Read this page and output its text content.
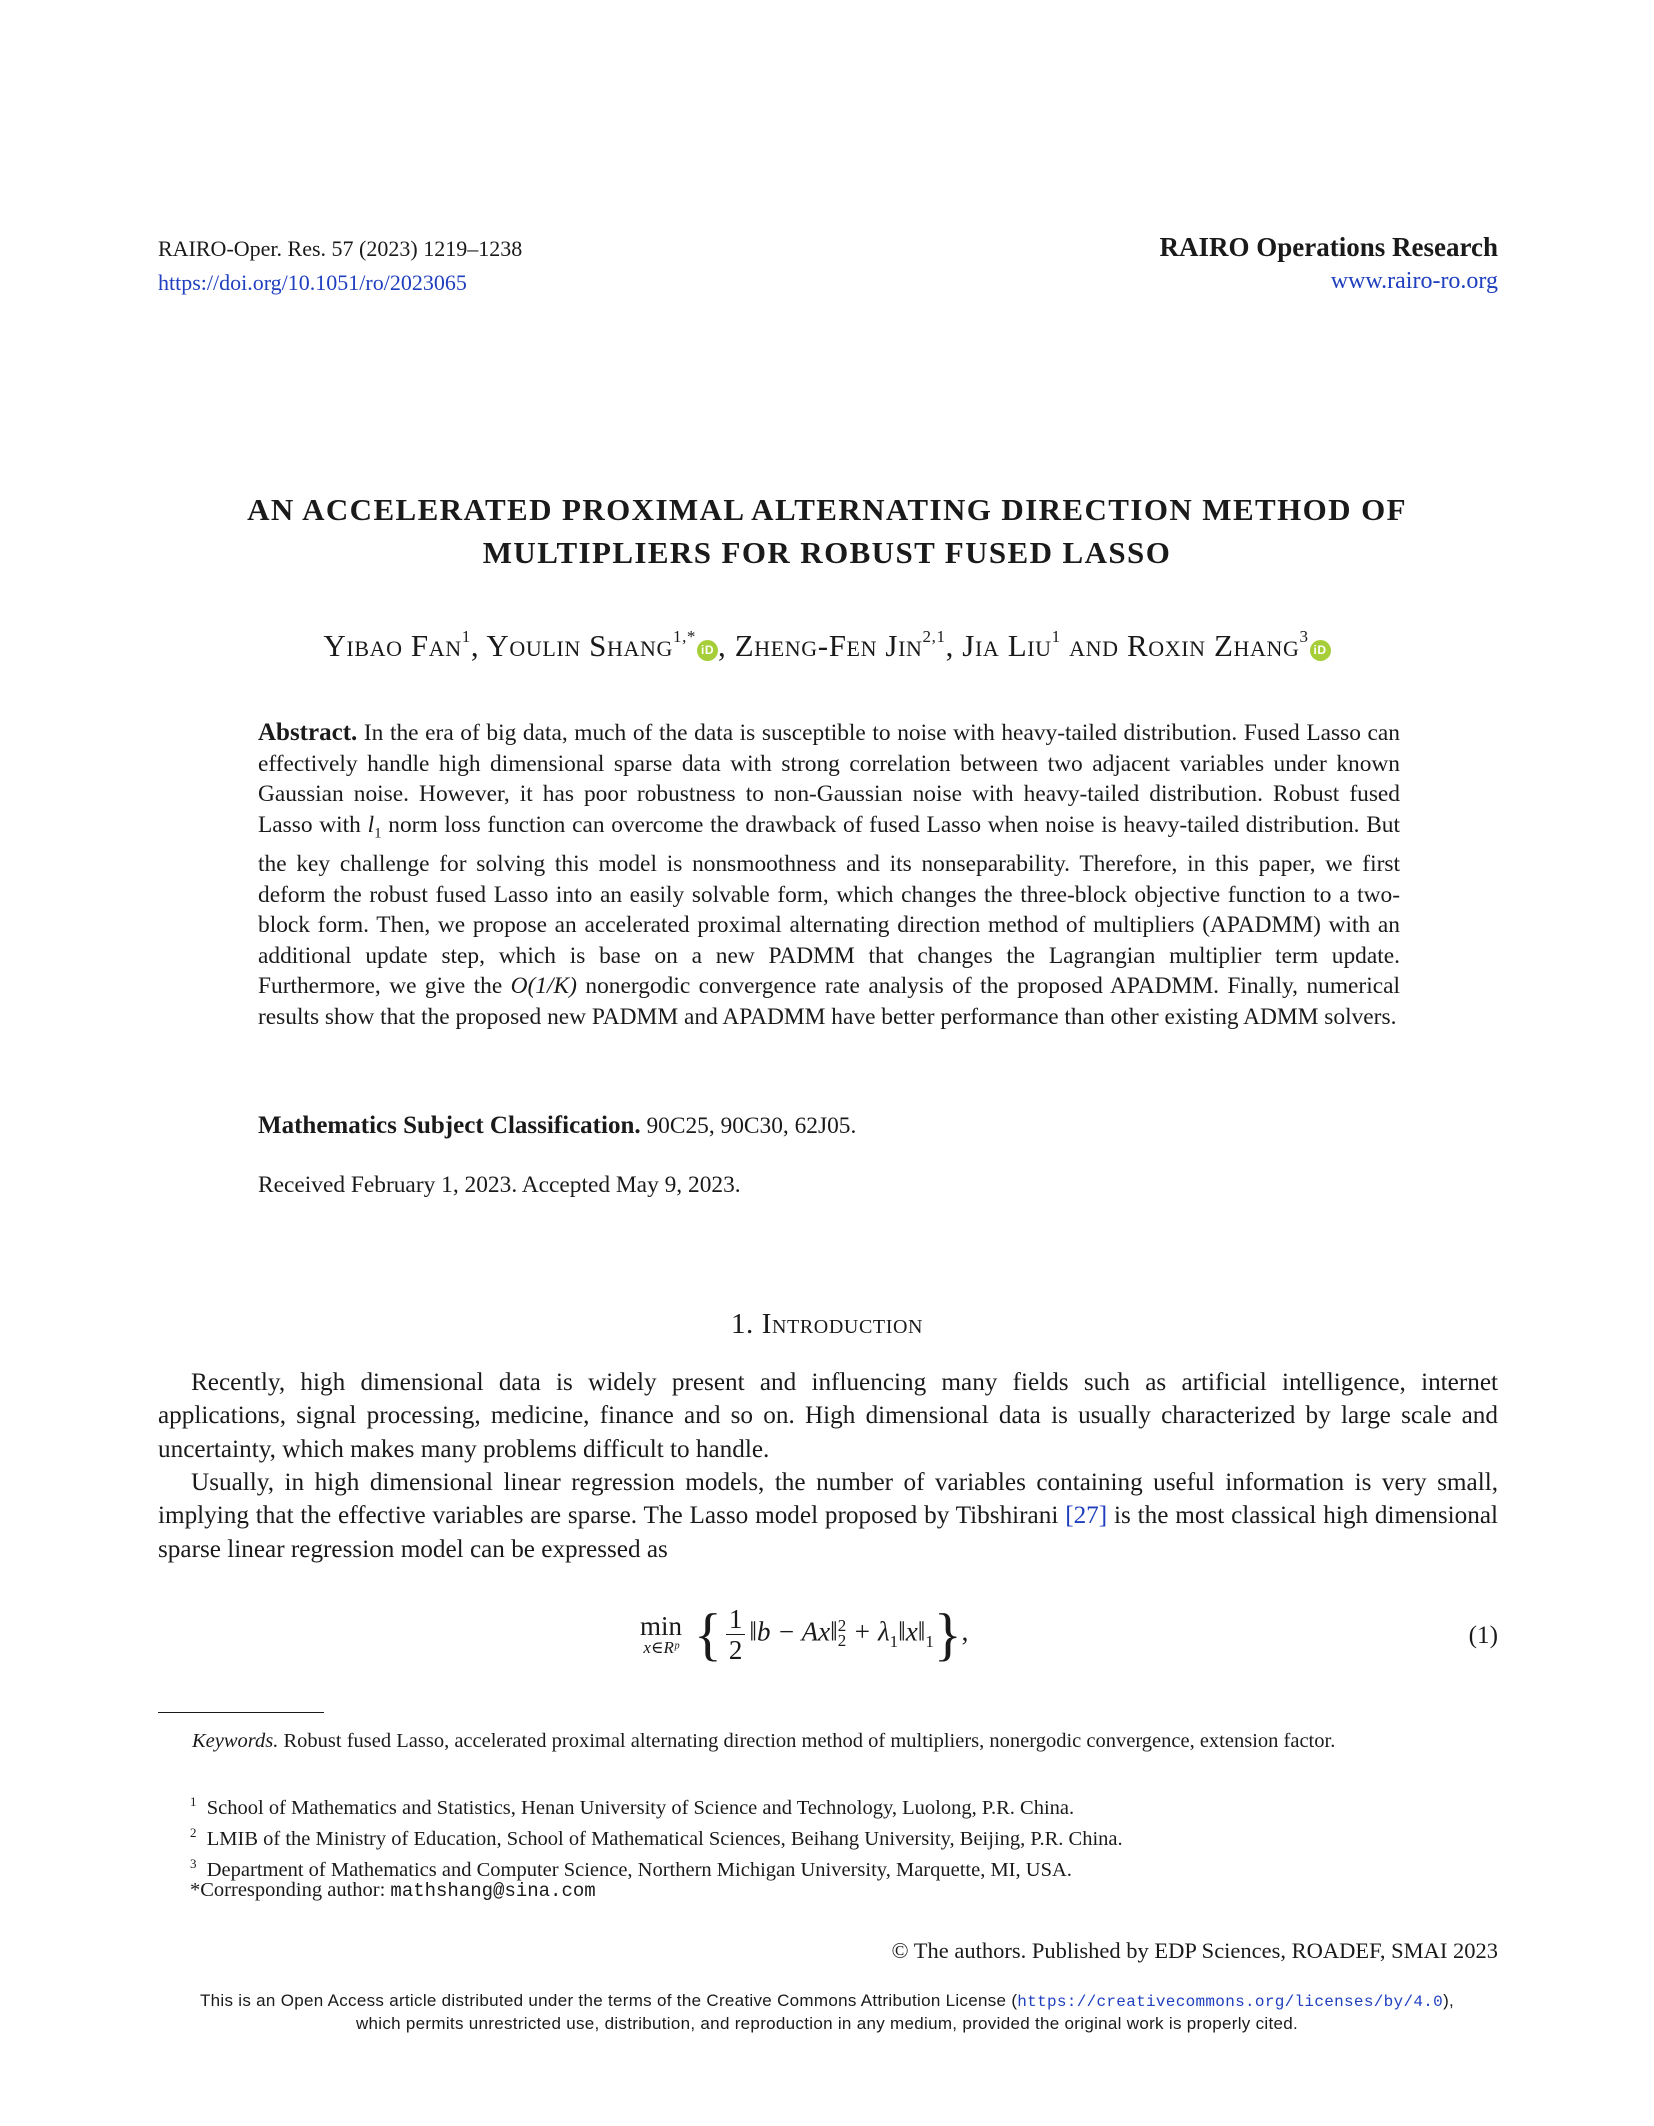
RAIRO-Oper. Res. 57 (2023) 1219–1238
https://doi.org/10.1051/ro/2023065
RAIRO Operations Research
www.rairo-ro.org
AN ACCELERATED PROXIMAL ALTERNATING DIRECTION METHOD OF
MULTIPLIERS FOR ROBUST FUSED LASSO
Yibao Fan$^1$, Youlin Shang$^{1,*}$iD , Zheng-Fen Jin$^{2,1}$, Jia Liu$^1$ and Roxin Zhang$^3$iD
Abstract. In the era of big data, much of the data is susceptible to noise with heavy-tailed distribution. Fused Lasso can effectively handle high dimensional sparse data with strong correlation between two adjacent variables under known Gaussian noise. However, it has poor robustness to non-Gaussian noise with heavy-tailed distribution. Robust fused Lasso with $l_1$ norm loss function can overcome the drawback of fused Lasso when noise is heavy-tailed distribution. But the key challenge for solving this model is nonsmoothness and its nonseparability. Therefore, in this paper, we first deform the robust fused Lasso into an easily solvable form, which changes the three-block objective function to a two-block form. Then, we propose an accelerated proximal alternating direction method of multipliers (APADMM) with an additional update step, which is base on a new PADMM that changes the Lagrangian multiplier term update. Furthermore, we give the O(1/K) nonergodic convergence rate analysis of the proposed APADMM. Finally, numerical results show that the proposed new PADMM and APADMM have better performance than other existing ADMM solvers.
Mathematics Subject Classification. 90C25, 90C30, 62J05.
Received February 1, 2023. Accepted May 9, 2023.
1. Introduction
Recently, high dimensional data is widely present and influencing many fields such as artificial intelligence, internet applications, signal processing, medicine, finance and so on. High dimensional data is usually characterized by large scale and uncertainty, which makes many problems difficult to handle.
Usually, in high dimensional linear regression models, the number of variables containing useful information is very small, implying that the effective variables are sparse. The Lasso model proposed by Tibshirani [27] is the most classical high dimensional sparse linear regression model can be expressed as
min
x∈Rᵖ { $\frac{1}{2}$ ‖b − Ax‖ 2
$2 + \lambda_1‖x‖_1$},	(1)
Keywords. Robust fused Lasso, accelerated proximal alternating direction method of multipliers, nonergodic convergence, extension factor.
$^1$ School of Mathematics and Statistics, Henan University of Science and Technology, Luolong, P.R. China.
$^2$ LMIB of the Ministry of Education, School of Mathematical Sciences, Beihang University, Beijing, P.R. China.
$^3$ Department of Mathematics and Computer Science, Northern Michigan University, Marquette, MI, USA.
*Corresponding author: mathshang@sina.com
© The authors. Published by EDP Sciences, ROADEF, SMAI 2023
This is an Open Access article distributed under the terms of the Creative Commons Attribution License (https://creativecommons.org/licenses/by/4.0),
which permits unrestricted use, distribution, and reproduction in any medium, provided the original work is properly cited.
